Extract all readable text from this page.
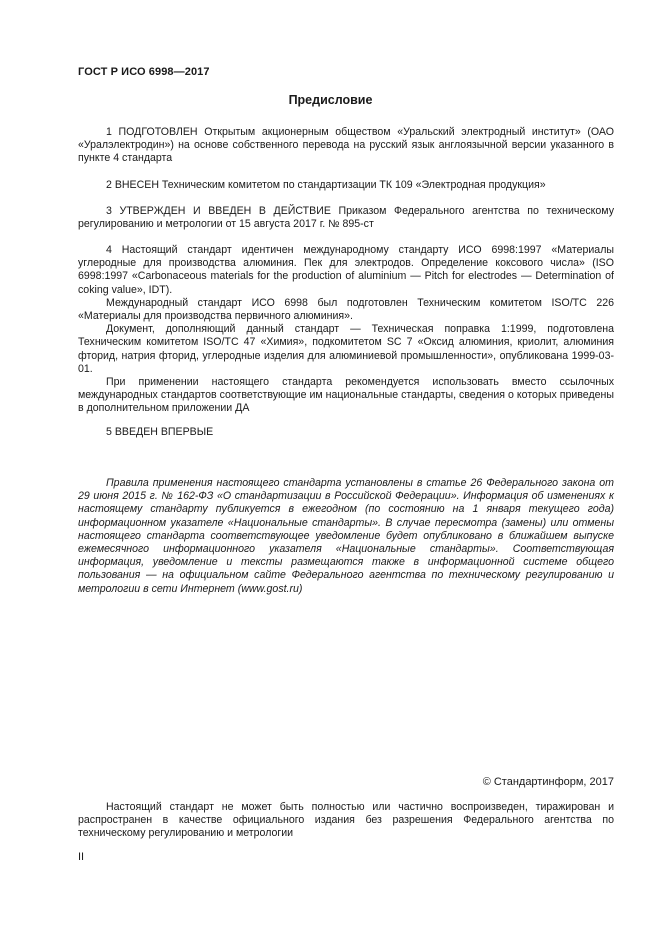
ГОСТ Р ИСО 6998—2017
Предисловие

1 ПОДГОТОВЛЕН Открытым акционерным обществом «Уральский электродный институт» (ОАО «Уралэлектродин») на основе собственного перевода на русский язык англоязычной версии указанного в пункте 4 стандарта

2 ВНЕСЕН Техническим комитетом по стандартизации ТК 109 «Электродная продукция»

3 УТВЕРЖДЕН И ВВЕДЕН В ДЕЙСТВИЕ Приказом Федерального агентства по техническому регулированию и метрологии от 15 августа 2017 г. № 895-ст

4 Настоящий стандарт идентичен международному стандарту ИСО 6998:1997 «Материалы углеродные для производства алюминия. Пек для электродов. Определение коксового числа» (ISO 6998:1997 «Carbonaceous materials for the production of aluminium — Pitch for electrodes — Determination of coking value», IDT).

Международный стандарт ИСО 6998 был подготовлен Техническим комитетом ISO/TC 226 «Материалы для производства первичного алюминия».

Документ, дополняющий данный стандарт — Техническая поправка 1:1999, подготовлена Техническим комитетом ISO/TC 47 «Химия», подкомитетом SC 7 «Оксид алюминия, криолит, алюминия фторид, натрия фторид, углеродные изделия для алюминиевой промышленности», опубликована 1999-03-01.

При применении настоящего стандарта рекомендуется использовать вместо ссылочных международных стандартов соответствующие им национальные стандарты, сведения о которых приведены в дополнительном приложении ДА

5 ВВЕДЕН ВПЕРВЫЕ

Правила применения настоящего стандарта установлены в статье 26 Федерального закона от 29 июня 2015 г. № 162-ФЗ «О стандартизации в Российской Федерации». Информация об изменениях к настоящему стандарту публикуется в ежегодном (по состоянию на 1 января текущего года) информационном указателе «Национальные стандарты». В случае пересмотра (замены) или отмены настоящего стандарта соответствующее уведомление будет опубликовано в ближайшем выпуске ежемесячного информационного указателя «Национальные стандарты». Соответствующая информация, уведомление и тексты размещаются также в информационной системе общего пользования — на официальном сайте Федерального агентства по техническому регулированию и метрологии в сети Интернет (www.gost.ru)

© Стандартинформ, 2017

Настоящий стандарт не может быть полностью или частично воспроизведен, тиражирован и распространен в качестве официального издания без разрешения Федерального агентства по техническому регулированию и метрологии

II
